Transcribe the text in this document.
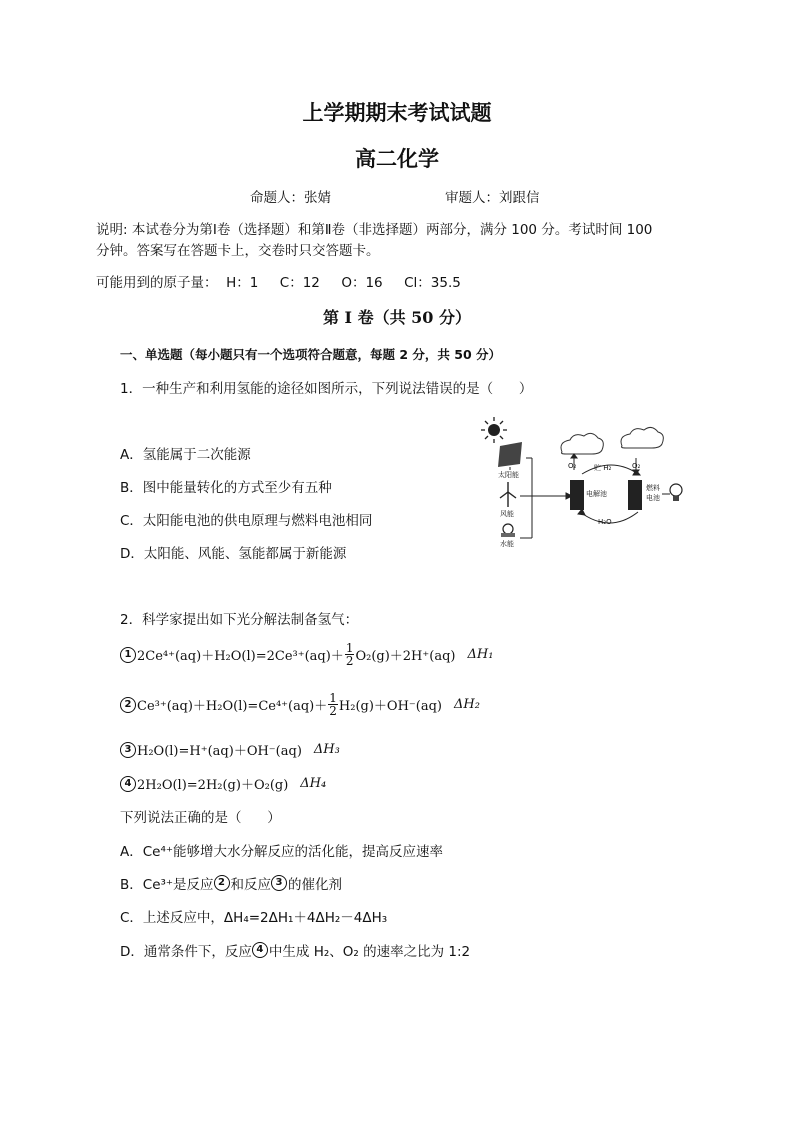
上学期期末考试试题
高二化学
命题人：张婧	审题人：刘跟信
说明: 本试卷分为第Ⅰ卷（选择题）和第Ⅱ卷（非选择题）两部分，满分 100 分。考试时间 100
分钟。答案写在答题卡上，交卷时只交答题卡。
可能用到的原子量：  H：1     C：12     O：16     Cl：35.5
第 I 卷（共 50 分）
一、单选题（每小题只有一个选项符合题意，每题 2 分，共 50 分）
1．一种生产和利用氢能的途径如图所示，下列说法错误的是（      ）
A．氢能属于二次能源
B．图中能量转化的方式至少有五种
C．太阳能电池的供电原理与燃料电池相同
D．太阳能、风能、氢能都属于新能源
太阳能
风能
水能
O₂	贮 H₂	O₂
电解池
燃料
电池
H₂O
2．科学家提出如下光分解法制备氢气：
1 $2Ce^{4+}(aq)+H_2O(l)=2Ce^{3+}(aq)+ \frac{1}{2} O_2(g)+2H^+(aq)$ ΔH₁
2 $Ce^{3+}(aq)+H_2O(l)=Ce^{4+}(aq)+ \frac{1}{2} H_2(g)+OH^-(aq)$ ΔH₂
3 H₂O(l)=H⁺(aq)＋OH⁻(aq) ΔH₃
4 2H₂O(l)=2H₂(g)＋O₂(g) ΔH₄
下列说法正确的是（      ）
A．Ce⁴⁺能够增大水分解反应的活化能，提高反应速率
B．Ce³⁺是反应 2 和反应 3 的催化剂
C．上述反应中，ΔH₄=2ΔH₁＋4ΔH₂－4ΔH₃
D．通常条件下，反应 4 中生成 H₂、O₂ 的速率之比为 1:2
